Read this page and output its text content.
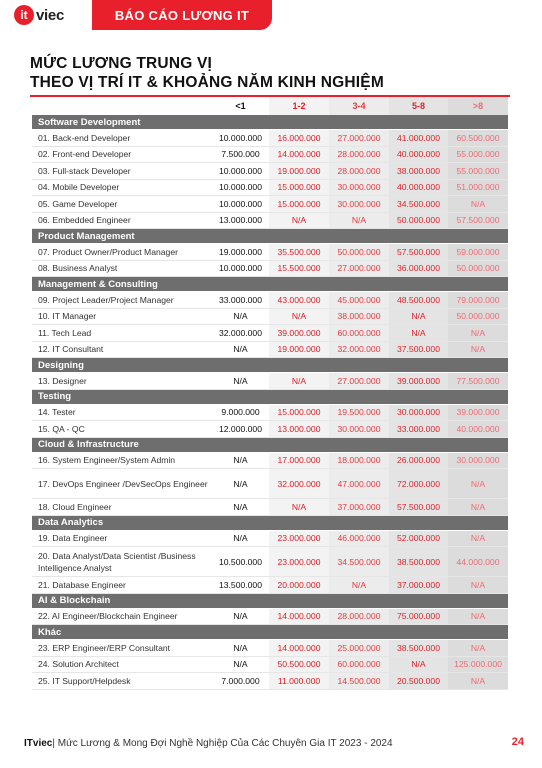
it viec	BÁO CÁO LƯƠNG IT
MỨC LƯƠNG TRUNG VỊ
THEO VỊ TRÍ IT & KHOẢNG NĂM KINH NGHIỆM
<1	1-2	3-4	5-8	>8
Software Development
01. Back-end Developer	10.000.000	16.000.000	27.000.000	41.000.000	60.500.000
02. Front-end Developer	7.500.000	14.000.000	28.000.000	40.000.000	55.000.000
03. Full-stack Developer	10.000.000	19.000.000	28.000.000	38.000.000	55.000.000
04. Mobile Developer	10.000.000	15.000.000	30.000.000	40.000.000	51.000.000
05. Game Developer	10.000.000	15.000.000	30.000.000	34.500.000	N/A
06. Embedded Engineer	13.000.000	N/A	N/A	50.000.000	57.500.000
Product Management
07. Product Owner/Product Manager	19.000.000	35.500.000	50.000.000	57.500.000	59.000.000
08. Business Analyst	10.000.000	15.500.000	27.000.000	36.000.000	50.000.000
Management & Consulting
09. Project Leader/Project Manager	33.000.000	43.000.000	45.000.000	48.500.000	79.000.000
10. IT Manager	N/A	N/A	38.000.000	N/A	50.000.000
11. Tech Lead	32.000.000	39.000.000	60.000.000	N/A	N/A
12. IT Consultant	N/A	19.000.000	32.000.000	37.500.000	N/A
Designing
13. Designer	N/A	N/A	27.000.000	39.000.000	77.500.000
Testing
14. Tester	9.000.000	15.000.000	19.500.000	30.000.000	39.000.000
15. QA - QC	12.000.000	13.000.000	30.000.000	33.000.000	40.000.000
Cloud & Infrastructure
16. System Engineer/System Admin	N/A	17.000.000	18.000.000	26.000.000	30.000.000
17. DevOps Engineer /DevSecOps Engineer	N/A	32.000.000	47.000.000	72.000.000	N/A
18. Cloud Engineer	N/A	N/A	37.000.000	57.500.000	N/A
Data Analytics
19. Data Engineer	N/A	23.000.000	46.000.000	52.000.000	N/A
20. Data Analyst/Data Scientist /Business Intelligence Analyst
10.500.000	23.000.000	34.500.000	38.500.000	44.000.000
21. Database Engineer	13.500.000	20.000.000	N/A	37.000.000	N/A
AI & Blockchain
22. AI Engineer/Blockchain Engineer	N/A	14.000.000	28.000.000	75.000.000	N/A
Khác
23. ERP Engineer/ERP Consultant	N/A	14.000.000	25.000.000	38.500.000	N/A
24. Solution Architect	N/A	50.500.000	60.000.000	N/A	125.000.000
25. IT Support/Helpdesk	7.000.000	11.000.000	14.500.000	20.500.000	N/A
ITviec | Mức Lương & Mong Đợi Nghề Nghiệp Của Các Chuyên Gia IT 2023 - 2024	24
